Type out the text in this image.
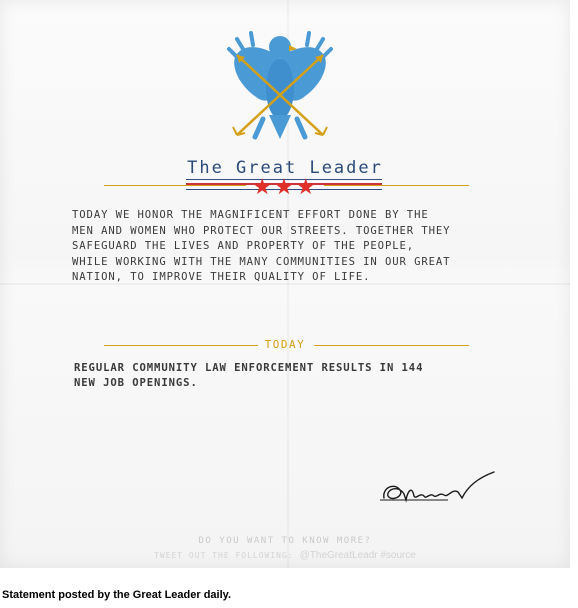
The Great Leader
★★★
TODAY WE HONOR THE MAGNIFICENT EFFORT DONE BY THE
MEN AND WOMEN WHO PROTECT OUR STREETS. TOGETHER THEY
SAFEGUARD THE LIVES AND PROPERTY OF THE PEOPLE,
WHILE WORKING WITH THE MANY COMMUNITIES IN OUR GREAT
NATION, TO IMPROVE THEIR QUALITY OF LIFE.
TODAY
REGULAR COMMUNITY LAW ENFORCEMENT RESULTS IN 144
NEW JOB OPENINGS.
DO YOU WANT TO KNOW MORE?
TWEET OUT THE FOLLOWING: @TheGreatLeadr #source
Statement posted by the Great Leader daily.
